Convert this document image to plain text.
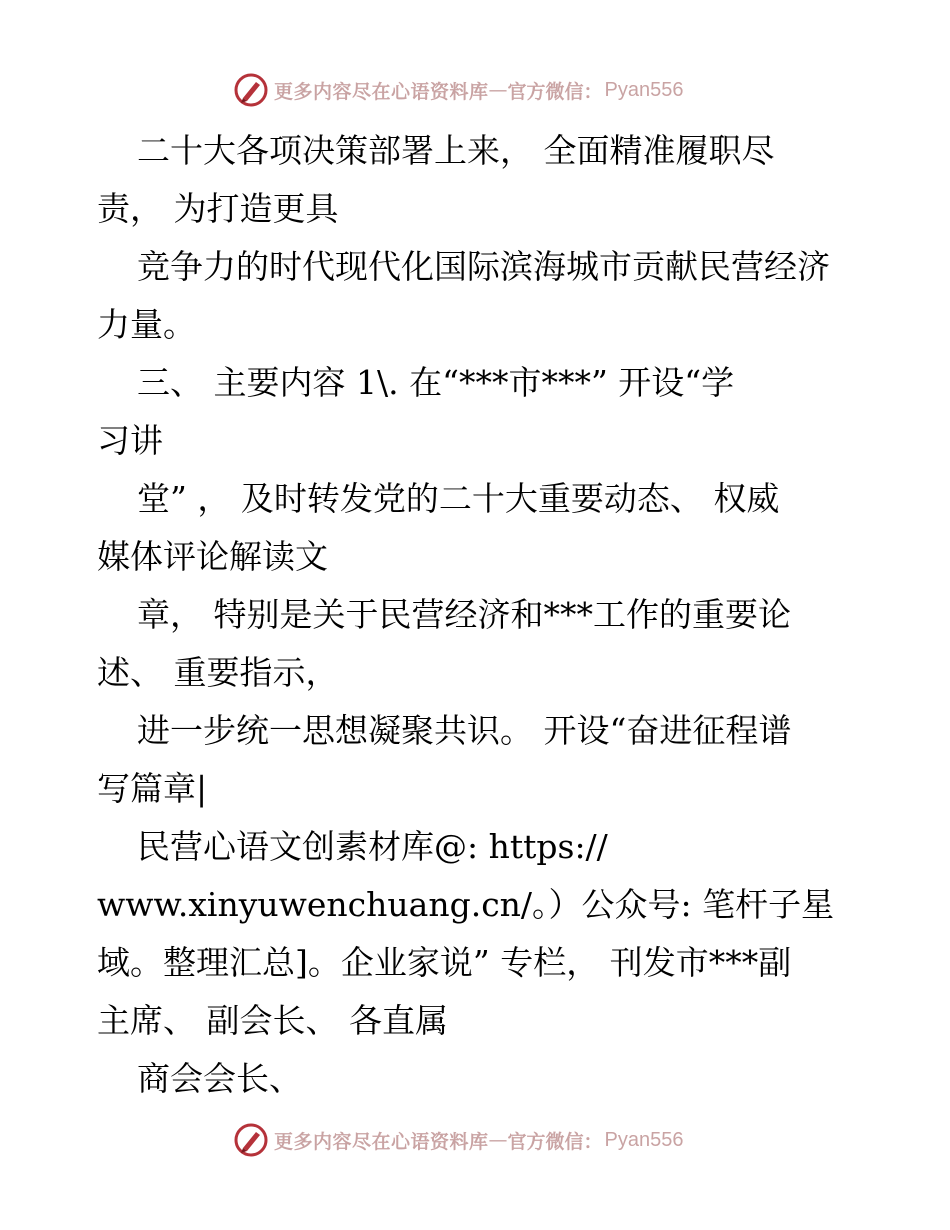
更多内容尽在心语资料库 — 官方微信： Pyan556
二十大各项决策部署上来， 全面精准履职尽
责， 为打造更具
竞争力的时代现代化国际滨海城市贡献民营经济
力量。
三、 主要内容 1\. 在“***市***” 开设“学
习讲
堂” ， 及时转发党的二十大重要动态、 权威
媒体评论解读文
章， 特别是关于民营经济和***工作的重要论
述、 重要指示，
进一步统一思想凝聚共识。 开设“奋进征程谱
写篇章|
民营心语文创素材库@: https://
www.xinyuwenchuang.cn/。）公众号: 笔杆子星
域。整理汇总]。企业家说” 专栏， 刊发市***副
主席、 副会长、 各直属
商会会长、
更多内容尽在心语资料库 — 官方微信： Pyan556
